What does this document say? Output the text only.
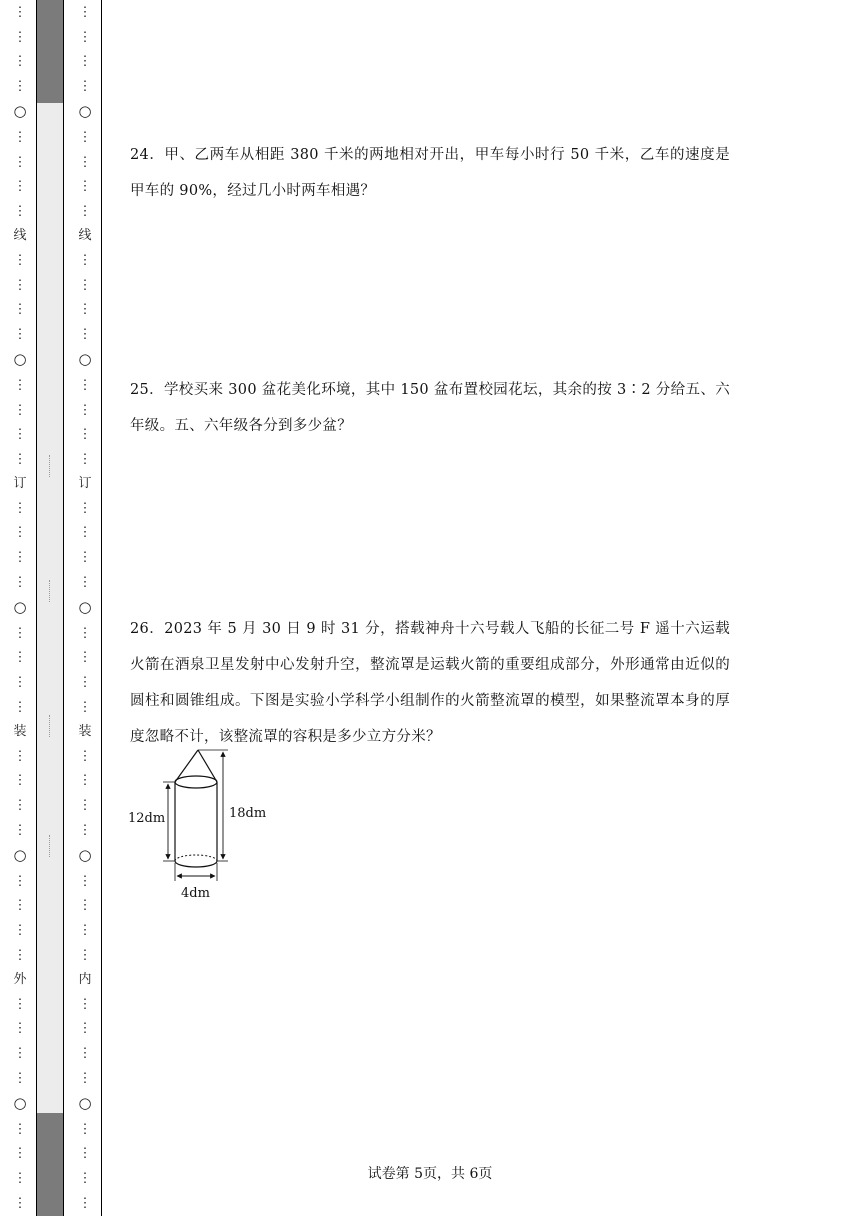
⋮
⋮
⋮
⋮
○
⋮
⋮
⋮
⋮
线
⋮
⋮
⋮
⋮
○
⋮
⋮
⋮
⋮
订
⋮
⋮
⋮
⋮
○
⋮
⋮
⋮
⋮
装
⋮
⋮
⋮
⋮
○
⋮
⋮
⋮
⋮
外
⋮
⋮
⋮
⋮
○
⋮
⋮
⋮
⋮
⋮
⋮
⋮
⋮
○
⋮
⋮
⋮
⋮
线
⋮
⋮
⋮
⋮
○
⋮
⋮
⋮
⋮
订
⋮
⋮
⋮
⋮
○
⋮
⋮
⋮
⋮
装
⋮
⋮
⋮
⋮
○
⋮
⋮
⋮
⋮
内
⋮
⋮
⋮
⋮
○
⋮
⋮
⋮
⋮

24．甲、乙两车从相距 380 千米的两地相对开出，甲车每小时行 50 千米，乙车的速度是甲车的 90%，经过几小时两车相遇？

25．学校买来 300 盆花美化环境，其中 150 盆布置校园花坛，其余的按 3∶2 分给五、六年级。五、六年级各分到多少盆？

26．2023 年 5 月 30 日 9 时 31 分，搭载神舟十六号载人飞船的长征二号 F 遥十六运载火箭在酒泉卫星发射中心发射升空，整流罩是运载火箭的重要组成部分，外形通常由近似的圆柱和圆锥组成。下图是实验小学科学小组制作的火箭整流罩的模型，如果整流罩本身的厚度忽略不计，该整流罩的容积是多少立方分米？

12dm	18dm
4dm
试卷第 5页，共 6页
